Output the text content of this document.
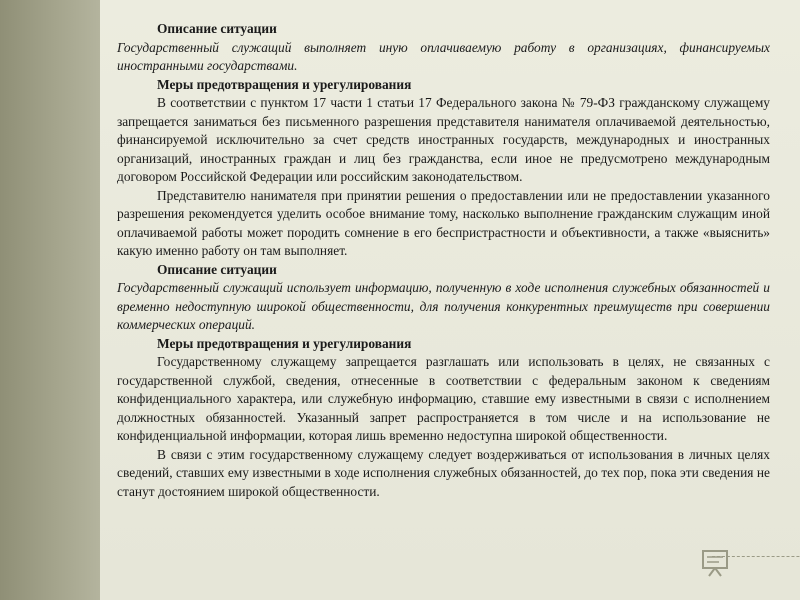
Описание ситуации

Государственный служащий выполняет иную оплачиваемую работу в организациях, финансируемых иностранными государствами.

Меры предотвращения и урегулирования

В соответствии с пунктом 17 части 1 статьи 17 Федерального закона № 79-ФЗ гражданскому служащему запрещается заниматься без письменного разрешения представителя нанимателя оплачиваемой деятельностью, финансируемой исключительно за счет средств иностранных государств, международных и иностранных организаций, иностранных граждан и лиц без гражданства, если иное не предусмотрено международным договором Российской Федерации или российским законодательством.

Представителю нанимателя при принятии решения о предоставлении или не предоставлении указанного разрешения рекомендуется уделить особое внимание тому, насколько выполнение гражданским служащим иной оплачиваемой работы может породить сомнение в его беспристрастности и объективности, а также «выяснить» какую именно работу он там выполняет.

Описание ситуации

Государственный служащий использует информацию, полученную в ходе исполнения служебных обязанностей и временно недоступную широкой общественности, для получения конкурентных преимуществ при совершении коммерческих операций.

Меры предотвращения и урегулирования

Государственному служащему запрещается разглашать или использовать в целях, не связанных с государственной службой, сведения, отнесенные в соответствии с федеральным законом к сведениям конфиденциального характера, или служебную информацию, ставшие ему известными в связи с исполнением должностных обязанностей. Указанный запрет распространяется в том числе и на использование не конфиденциальной информации, которая лишь временно недоступна широкой общественности.

В связи с этим государственному служащему следует воздерживаться от использования в личных целях сведений, ставших ему известными в ходе исполнения служебных обязанностей, до тех пор, пока эти сведения не станут достоянием широкой общественности.
